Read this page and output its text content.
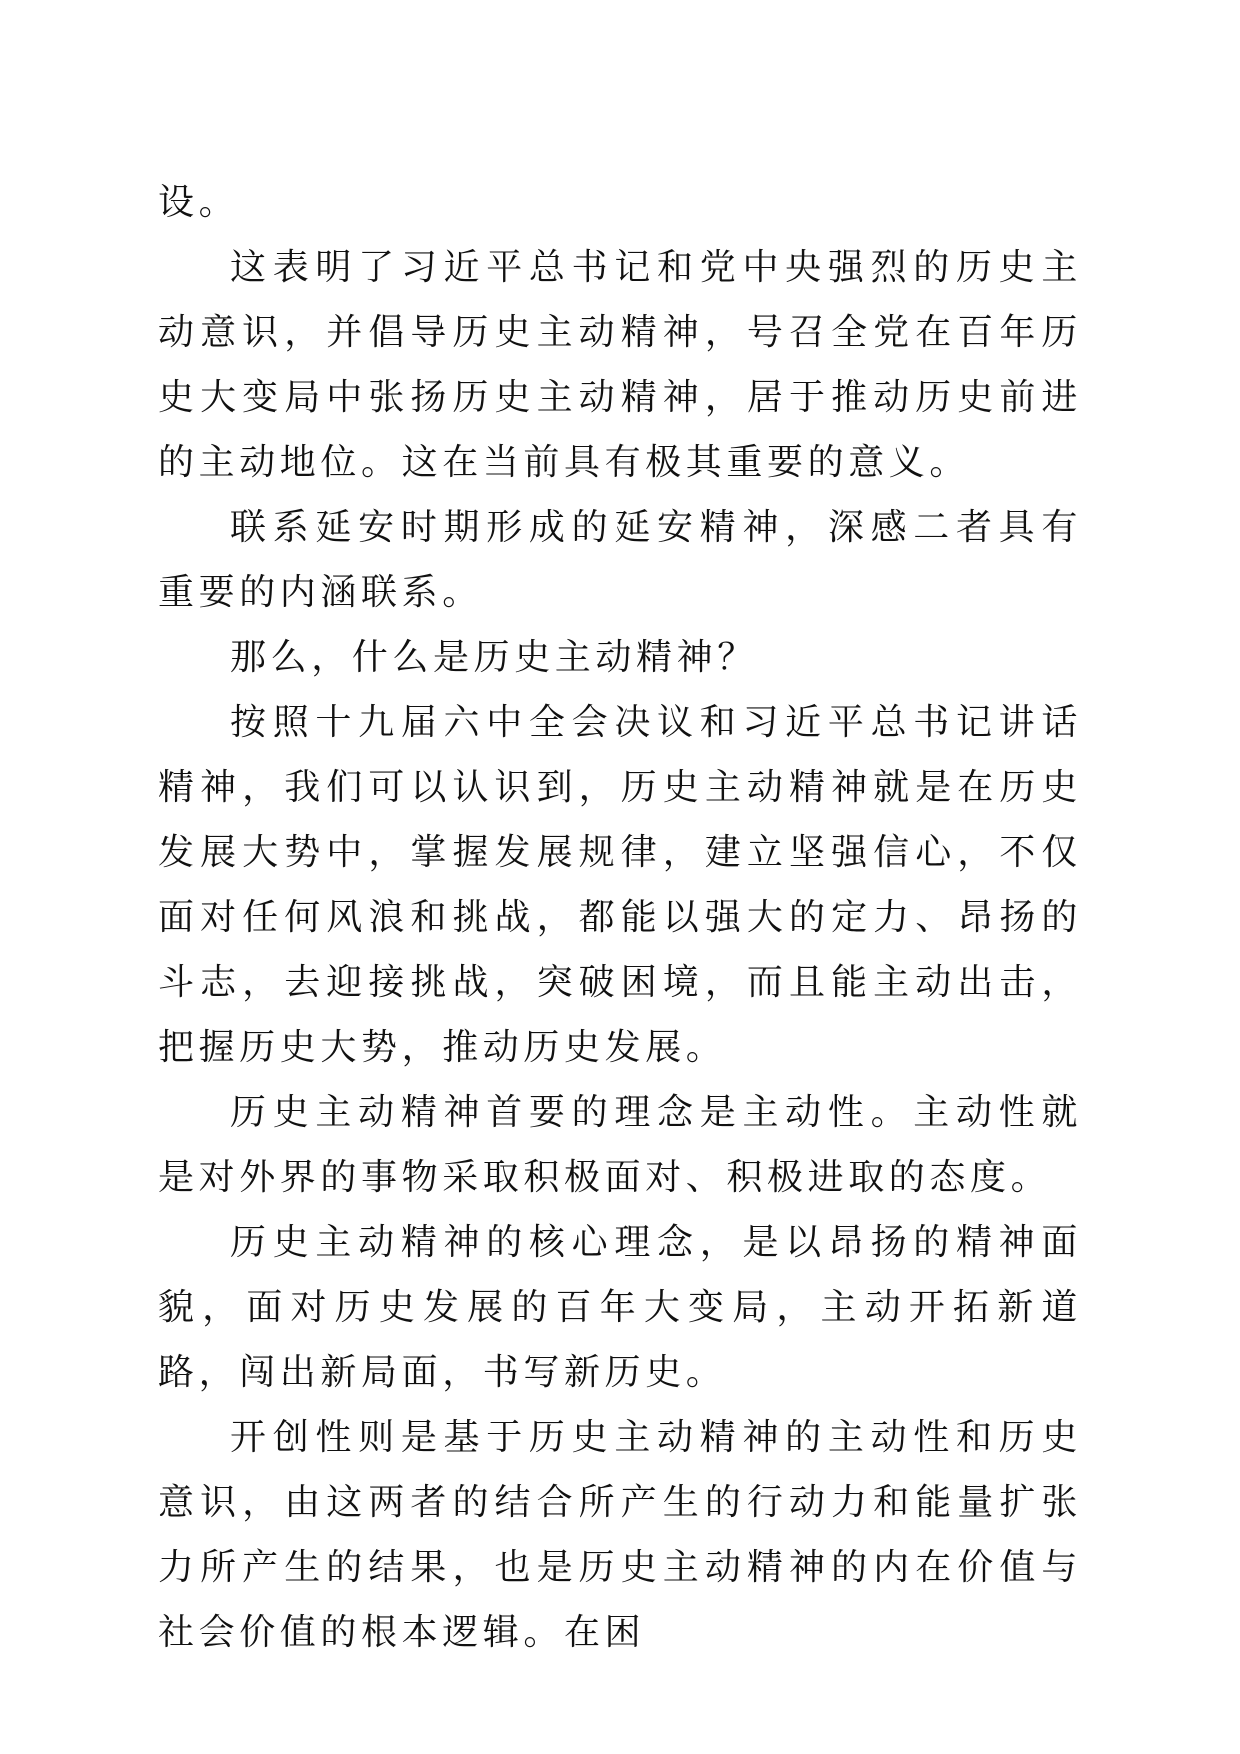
设。

这表明了习近平总书记和党中央强烈的历史主动意识，并倡导历史主动精神，号召全党在百年历史大变局中张扬历史主动精神，居于推动历史前进的主动地位。这在当前具有极其重要的意义。

联系延安时期形成的延安精神，深感二者具有重要的内涵联系。

那么，什么是历史主动精神？

按照十九届六中全会决议和习近平总书记讲话精神，我们可以认识到，历史主动精神就是在历史发展大势中，掌握发展规律，建立坚强信心，不仅面对任何风浪和挑战，都能以强大的定力、昂扬的斗志，去迎接挑战，突破困境，而且能主动出击，把握历史大势，推动历史发展。

历史主动精神首要的理念是主动性。主动性就是对外界的事物采取积极面对、积极进取的态度。

历史主动精神的核心理念，是以昂扬的精神面貌，面对历史发展的百年大变局，主动开拓新道路，闯出新局面，书写新历史。

开创性则是基于历史主动精神的主动性和历史意识，由这两者的结合所产生的行动力和能量扩张力所产生的结果，也是历史主动精神的内在价值与社会价值的根本逻辑。在困
